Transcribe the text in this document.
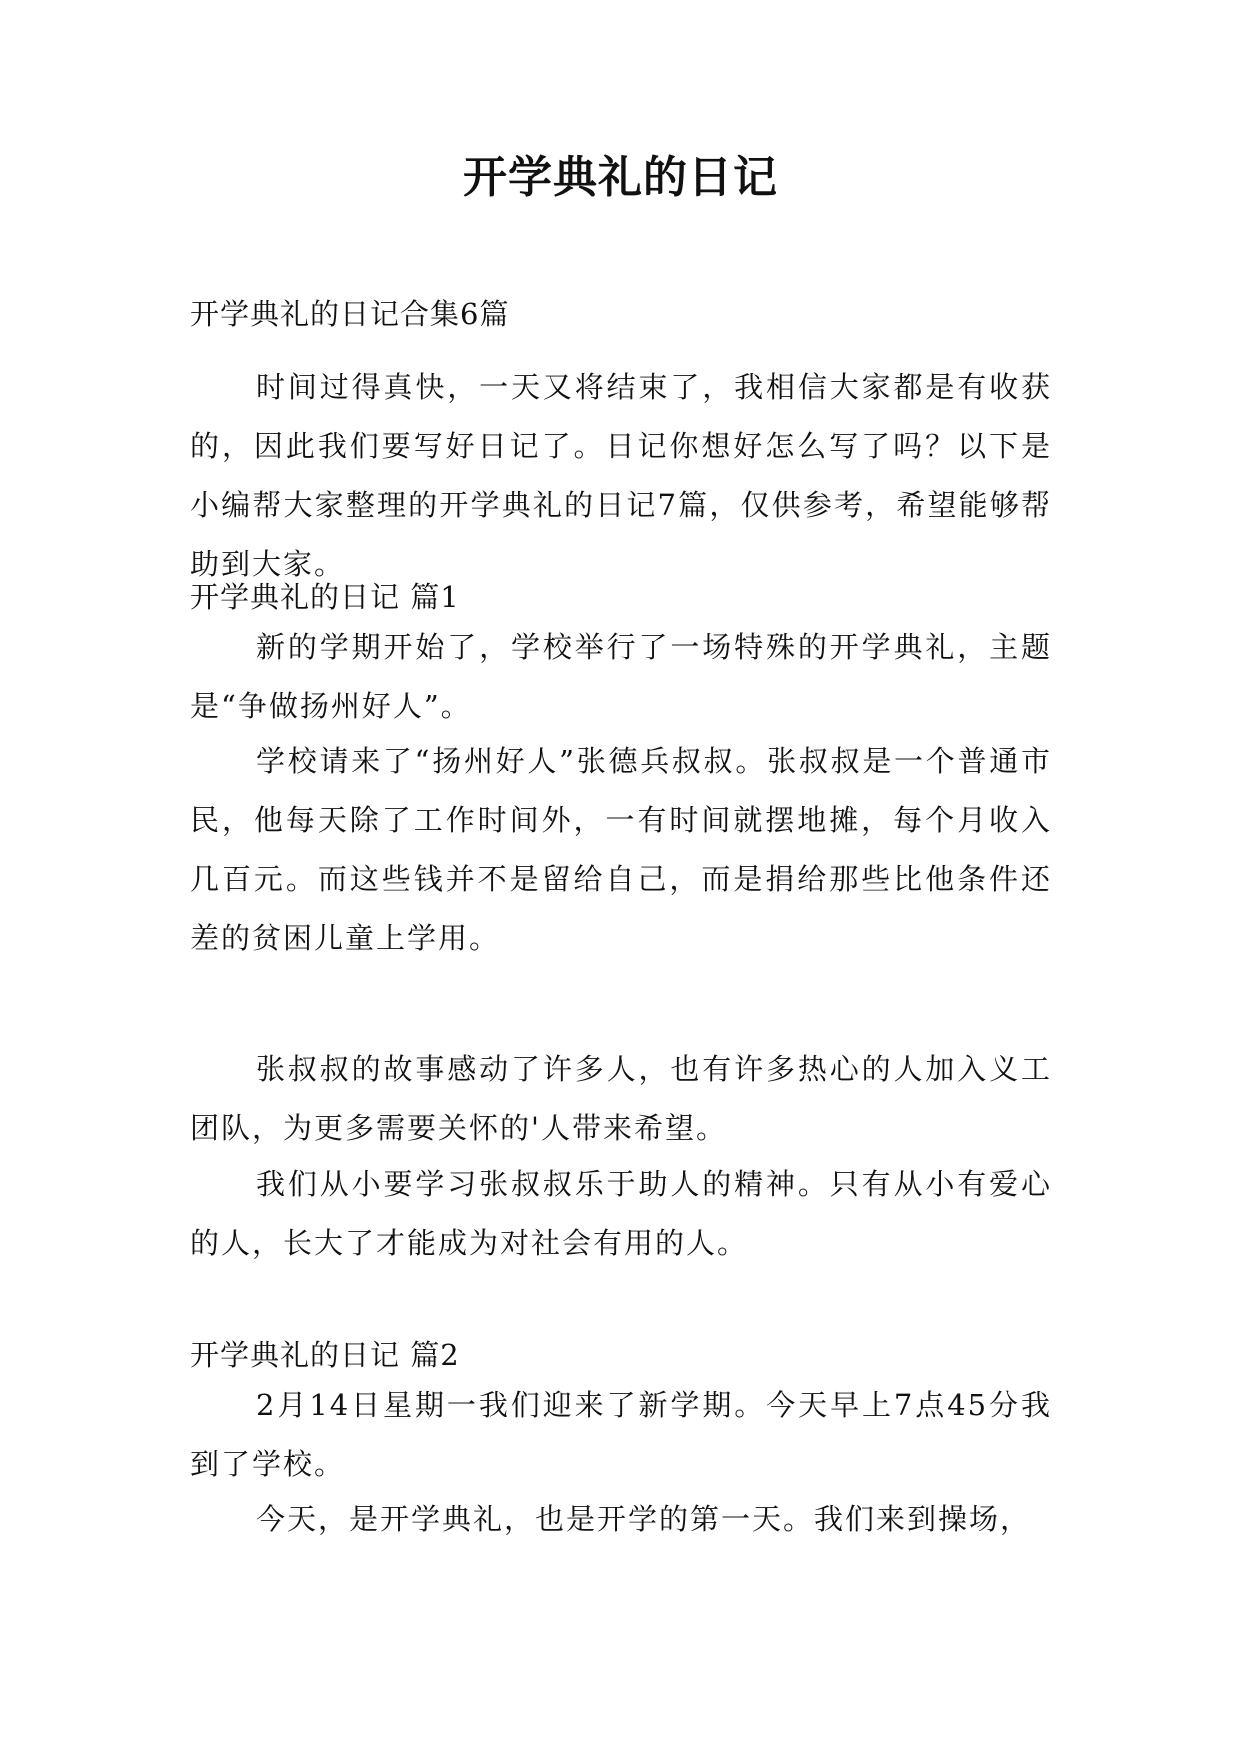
开学典礼的日记
开学典礼的日记合集6篇

时间过得真快，一天又将结束了，我相信大家都是有收获的，因此我们要写好日记了。日记你想好怎么写了吗？以下是小编帮大家整理的开学典礼的日记7篇，仅供参考，希望能够帮助到大家。

开学典礼的日记 篇1

新的学期开始了，学校举行了一场特殊的开学典礼，主题是“争做扬州好人”。

学校请来了“扬州好人”张德兵叔叔。张叔叔是一个普通市民，他每天除了工作时间外，一有时间就摆地摊，每个月收入几百元。而这些钱并不是留给自己，而是捐给那些比他条件还差的贫困儿童上学用。

张叔叔的故事感动了许多人，也有许多热心的人加入义工团队，为更多需要关怀的'人带来希望。

我们从小要学习张叔叔乐于助人的精神。只有从小有爱心的人，长大了才能成为对社会有用的人。

开学典礼的日记 篇2

2月14日星期一我们迎来了新学期。今天早上7点45分我到了学校。

今天，是开学典礼，也是开学的第一天。我们来到操场，
